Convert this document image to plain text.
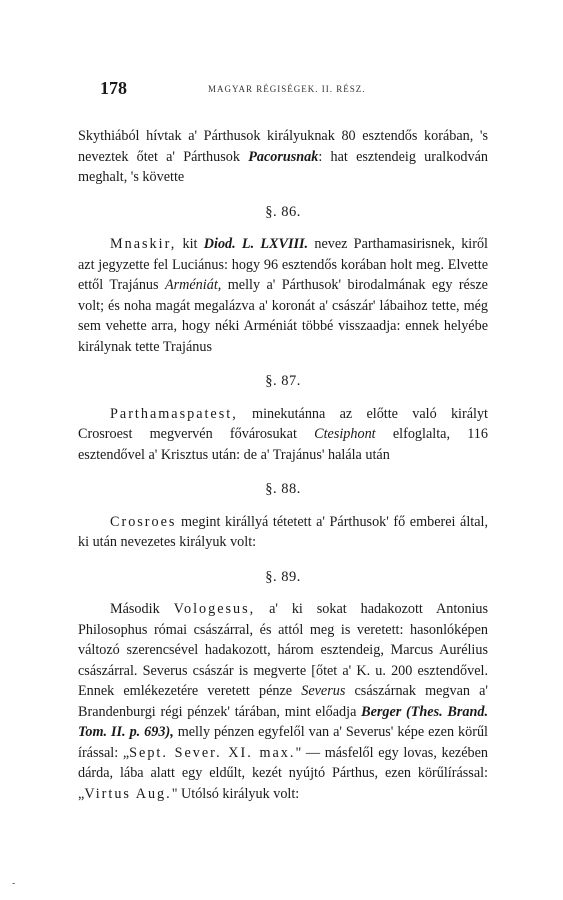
178	MAGYAR RÉGISÉGEK. II. RÉSZ.

Skythiából hívtak a' Párthusok királyuknak 80 esztendős korában, 's neveztek őtet a' Párthusok Pacorusnak: hat esztendeig uralkodván meghalt, 's követte

§. 86.

Mnaskir, kit Diod. L. LXVIII. nevez Parthamasirisnek, kiről azt jegyzette fel Luciánus: hogy 96 esztendős korában holt meg. Elvette ettől Trajánus Arméniát, melly a' Párthusok' birodalmának egy része volt; és noha magát megalázva a' koronát a' császár' lábaihoz tette, még sem vehette arra, hogy néki Arméniát többé visszaadja: ennek helyébe királynak tette Trajánus

§. 87.

Parthamaspatest, minekutánna az előtte való királyt Crosroest megvervén fővárosukat Ctesiphont elfoglalta, 116 esztendővel a' Krisztus után: de a' Trajánus' halála után

§. 88.

Crosroes megint királlyá tétetett a' Párthusok' fő emberei által, ki után nevezetes királyuk volt:

§. 89.

Második Vologesus, a' ki sokat hadakozott Antonius Philosophus római császárral, és attól meg is veretett: hasonlóképen változó szerencsével hadakozott, három esztendeig, Marcus Aurélius császárral. Severus császár is megverte [őtet a' K. u. 200 esztendővel. Ennek emlékezetére veretett pénze Severus császárnak megvan a' Brandenburgi régi pénzek' tárában, mint előadja Berger (Thes. Brand. Tom. II. p. 693), melly pénzen egyfelől van a' Severus' képe ezen körűl írással: „Sept. Sever. XI. max." — másfelől egy lovas, kezében dárda, lába alatt egy eldűlt, kezét nyújtó Párthus, ezen körűlírással: „Virtus Aug." Utólsó királyuk volt:

-
